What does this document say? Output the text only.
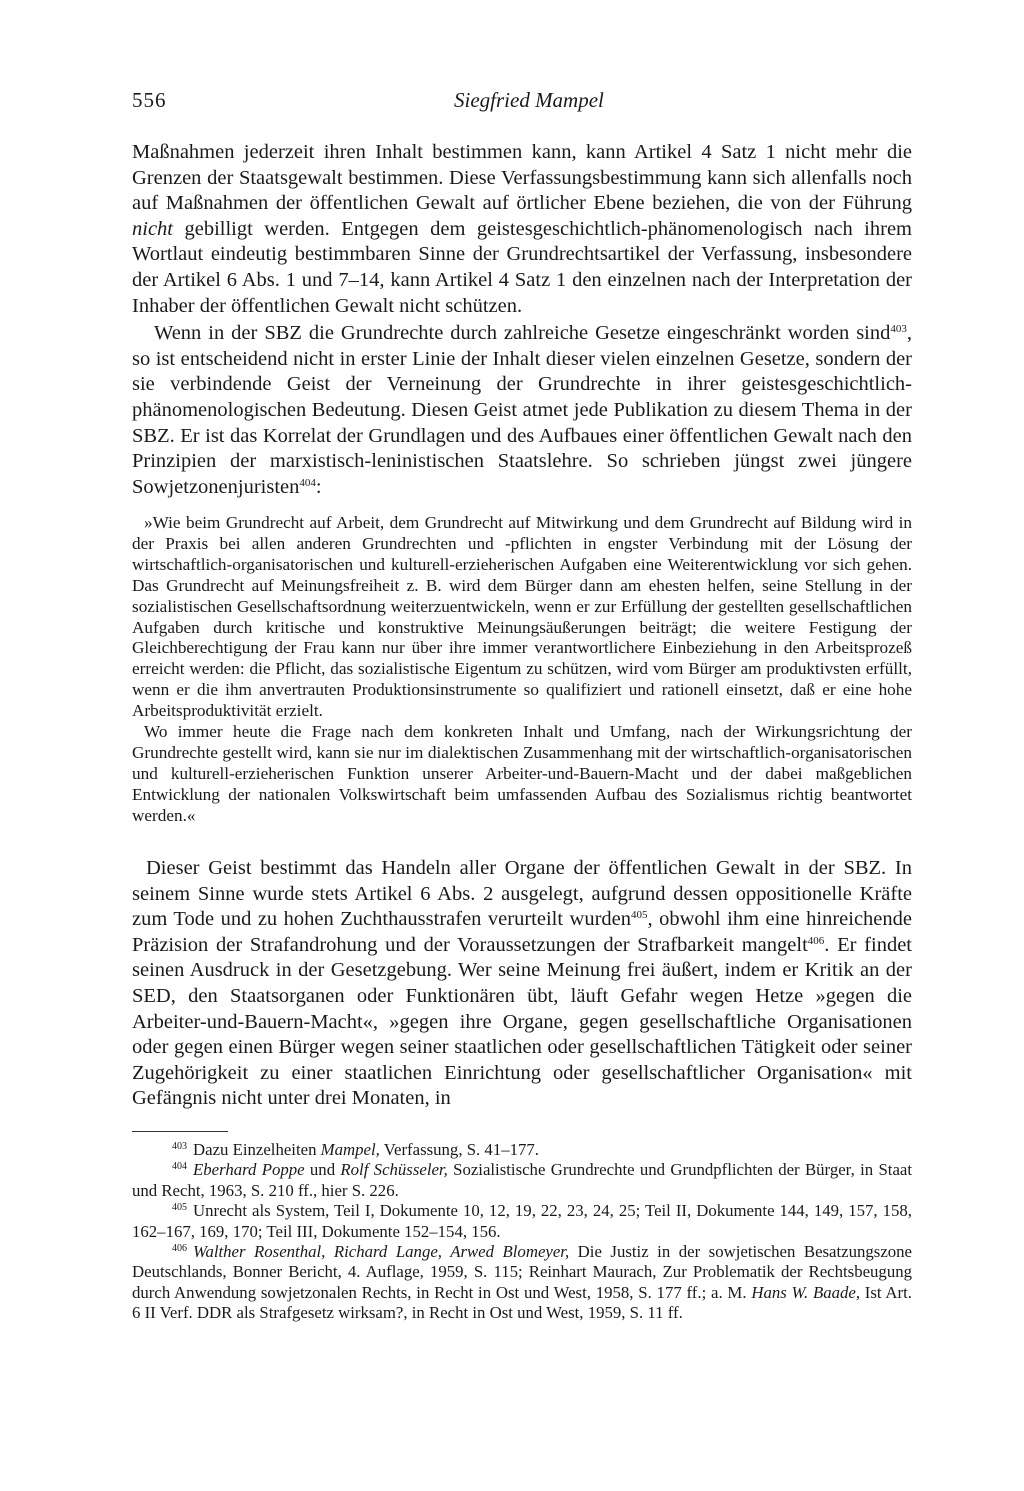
556	Siegfried Mampel

Maßnahmen jederzeit ihren Inhalt bestimmen kann, kann Artikel 4 Satz 1 nicht mehr die Grenzen der Staatsgewalt bestimmen. Diese Verfassungsbestimmung kann sich allenfalls noch auf Maßnahmen der öffentlichen Gewalt auf örtlicher Ebene beziehen, die von der Führung nicht gebilligt werden. Entgegen dem geistesgeschichtlich-phänomenologisch nach ihrem Wortlaut eindeutig bestimmbaren Sinne der Grundrechtsartikel der Verfassung, insbesondere der Artikel 6 Abs. 1 und 7–14, kann Artikel 4 Satz 1 den einzelnen nach der Interpretation der Inhaber der öffentlichen Gewalt nicht schützen.

Wenn in der SBZ die Grundrechte durch zahlreiche Gesetze eingeschränkt worden sind$^{403}$, so ist entscheidend nicht in erster Linie der Inhalt dieser vielen einzelnen Gesetze, sondern der sie verbindende Geist der Verneinung der Grundrechte in ihrer geistesgeschichtlich-phänomenologischen Bedeutung. Diesen Geist atmet jede Publikation zu diesem Thema in der SBZ. Er ist das Korrelat der Grundlagen und des Aufbaues einer öffentlichen Gewalt nach den Prinzipien der marxistisch-leninistischen Staatslehre. So schrieben jüngst zwei jüngere Sowjetzonenjuristen$^{404}$:

»Wie beim Grundrecht auf Arbeit, dem Grundrecht auf Mitwirkung und dem Grundrecht auf Bildung wird in der Praxis bei allen anderen Grundrechten und -pflichten in engster Verbindung mit der Lösung der wirtschaftlich-organisatorischen und kulturell-erzieherischen Aufgaben eine Weiterentwicklung vor sich gehen. Das Grundrecht auf Meinungsfreiheit z. B. wird dem Bürger dann am ehesten helfen, seine Stellung in der sozialistischen Gesellschaftsordnung weiterzuentwickeln, wenn er zur Erfüllung der gestellten gesellschaftlichen Aufgaben durch kritische und konstruktive Meinungsäußerungen beiträgt; die weitere Festigung der Gleichberechtigung der Frau kann nur über ihre immer verantwortlichere Einbeziehung in den Arbeitsprozeß erreicht werden: die Pflicht, das sozialistische Eigentum zu schützen, wird vom Bürger am produktivsten erfüllt, wenn er die ihm anvertrauten Produktionsinstrumente so qualifiziert und rationell einsetzt, daß er eine hohe Arbeitsproduktivität erzielt.

Wo immer heute die Frage nach dem konkreten Inhalt und Umfang, nach der Wirkungsrichtung der Grundrechte gestellt wird, kann sie nur im dialektischen Zusammenhang mit der wirtschaftlich-organisatorischen und kulturell-erzieherischen Funktion unserer Arbeiter-und-Bauern-Macht und der dabei maßgeblichen Entwicklung der nationalen Volkswirtschaft beim umfassenden Aufbau des Sozialismus richtig beantwortet werden.«

Dieser Geist bestimmt das Handeln aller Organe der öffentlichen Gewalt in der SBZ. In seinem Sinne wurde stets Artikel 6 Abs. 2 ausgelegt, aufgrund dessen oppositionelle Kräfte zum Tode und zu hohen Zuchthausstrafen verurteilt wurden$^{405}$, obwohl ihm eine hinreichende Präzision der Strafandrohung und der Voraussetzungen der Strafbarkeit mangelt$^{406}$. Er findet seinen Ausdruck in der Gesetzgebung. Wer seine Meinung frei äußert, indem er Kritik an der SED, den Staatsorganen oder Funktionären übt, läuft Gefahr wegen Hetze »gegen die Arbeiter-und-Bauern-Macht«, »gegen ihre Organe, gegen gesellschaftliche Organisationen oder gegen einen Bürger wegen seiner staatlichen oder gesellschaftlichen Tätigkeit oder seiner Zugehörigkeit zu einer staatlichen Einrichtung oder gesellschaftlicher Organisation« mit Gefängnis nicht unter drei Monaten, in

$^{403}$ Dazu Einzelheiten Mampel, Verfassung, S. 41–177.

$^{404}$ Eberhard Poppe und Rolf Schüsseler, Sozialistische Grundrechte und Grundpflichten der Bürger, in Staat und Recht, 1963, S. 210 ff., hier S. 226.

$^{405}$ Unrecht als System, Teil I, Dokumente 10, 12, 19, 22, 23, 24, 25; Teil II, Dokumente 144, 149, 157, 158, 162–167, 169, 170; Teil III, Dokumente 152–154, 156.

$^{406}$ Walther Rosenthal, Richard Lange, Arwed Blomeyer, Die Justiz in der sowjetischen Besatzungszone Deutschlands, Bonner Bericht, 4. Auflage, 1959, S. 115; Reinhart Maurach, Zur Problematik der Rechtsbeugung durch Anwendung sowjetzonalen Rechts, in Recht in Ost und West, 1958, S. 177 ff.; a. M. Hans W. Baade, Ist Art. 6 II Verf. DDR als Strafgesetz wirksam?, in Recht in Ost und West, 1959, S. 11 ff.
